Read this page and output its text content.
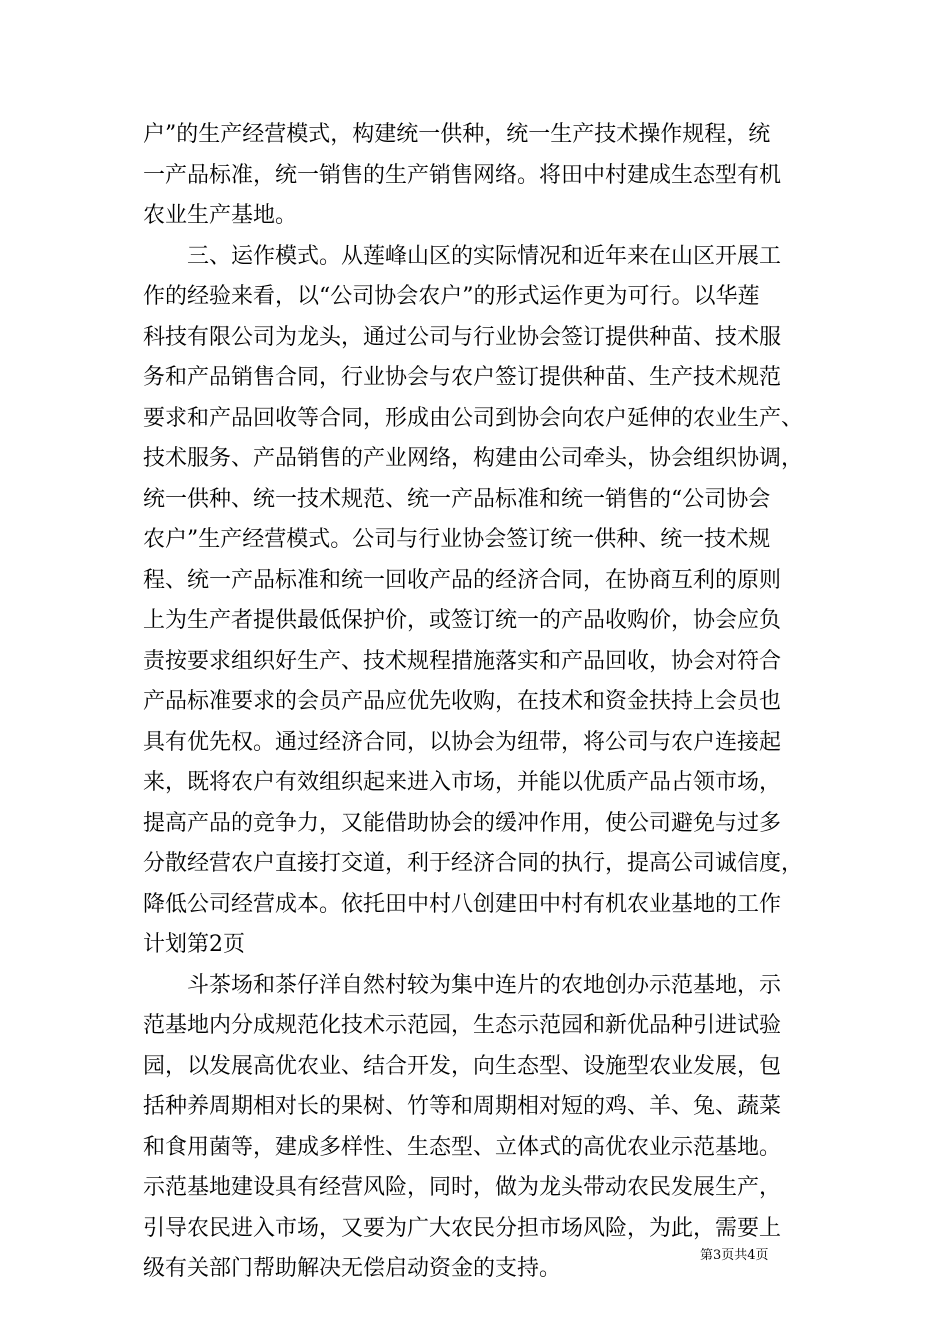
户”的生产经营模式，构建统一供种，统一生产技术操作规程，统
一产品标准，统一销售的生产销售网络。将田中村建成生态型有机
农业生产基地。
三、运作模式。从莲峰山区的实际情况和近年来在山区开展工
作的经验来看，以“公司协会农户”的形式运作更为可行。以华莲
科技有限公司为龙头，通过公司与行业协会签订提供种苗、技术服
务和产品销售合同，行业协会与农户签订提供种苗、生产技术规范
要求和产品回收等合同，形成由公司到协会向农户延伸的农业生产、
技术服务、产品销售的产业网络，构建由公司牵头，协会组织协调，
统一供种、统一技术规范、统一产品标准和统一销售的“公司协会
农户”生产经营模式。公司与行业协会签订统一供种、统一技术规
程、统一产品标准和统一回收产品的经济合同，在协商互利的原则
上为生产者提供最低保护价，或签订统一的产品收购价，协会应负
责按要求组织好生产、技术规程措施落实和产品回收，协会对符合
产品标准要求的会员产品应优先收购，在技术和资金扶持上会员也
具有优先权。通过经济合同，以协会为纽带，将公司与农户连接起
来，既将农户有效组织起来进入市场，并能以优质产品占领市场，
提高产品的竞争力，又能借助协会的缓冲作用，使公司避免与过多
分散经营农户直接打交道，利于经济合同的执行，提高公司诚信度，
降低公司经营成本。依托田中村八创建田中村有机农业基地的工作
计划第2页
斗茶场和茶仔洋自然村较为集中连片的农地创办示范基地，示
范基地内分成规范化技术示范园，生态示范园和新优品种引进试验
园，以发展高优农业、结合开发，向生态型、设施型农业发展，包
括种养周期相对长的果树、竹等和周期相对短的鸡、羊、兔、蔬菜
和食用菌等，建成多样性、生态型、立体式的高优农业示范基地。
示范基地建设具有经营风险，同时，做为龙头带动农民发展生产，
引导农民进入市场，又要为广大农民分担市场风险，为此，需要上
级有关部门帮助解决无偿启动资金的支持。
第3页共4页
